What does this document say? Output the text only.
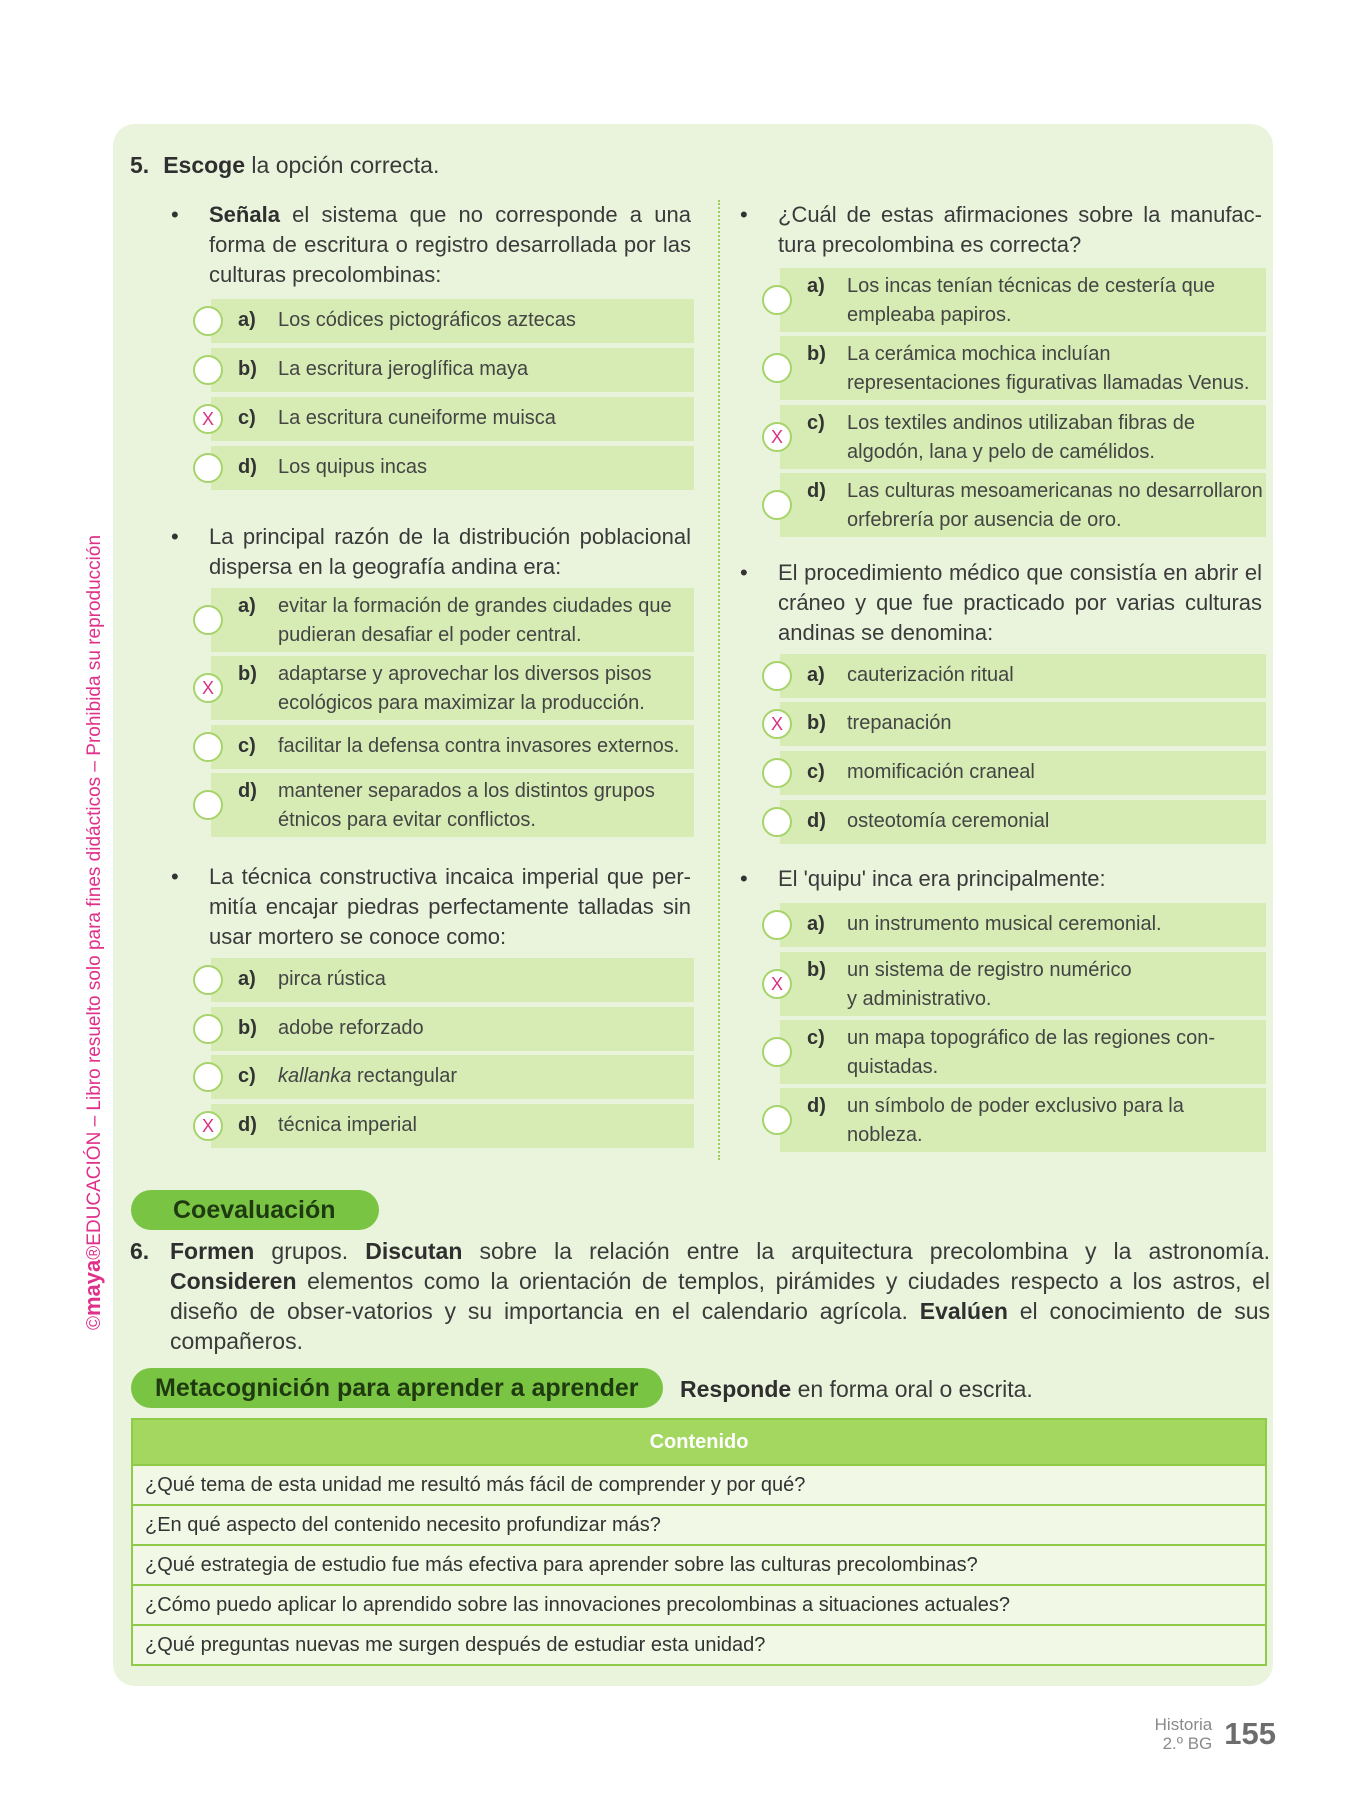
©maya®EDUCACIÓN – Libro resuelto solo para fines didácticos – Prohibida su reproducción
5. Escoge la opción correcta.
• Señala el sistema que no corresponde a una forma de escritura o registro desarrollada por las culturas precolombinas:
a) Los códices pictográficos aztecas
b) La escritura jeroglífica maya
X	c) La escritura cuneiforme muisca
d) Los quipus incas
• La principal razón de la distribución poblacional dispersa en la geografía andina era:
a) evitar la formación de grandes ciudades que pudieran desafiar el poder central.
X
b) adaptarse y aprovechar los diversos pisos ecológicos para maximizar la producción.
c) facilitar la defensa contra invasores externos.
d) mantener separados a los distintos grupos étnicos para evitar conflictos.
• La técnica constructiva incaica imperial que per-mitía encajar piedras perfectamente talladas sin usar mortero se conoce como:
a) pirca rústica
b) adobe reforzado
c) kallanka rectangular
X	d) técnica imperial
• ¿Cuál de estas afirmaciones sobre la manufac-tura precolombina es correcta?
a) Los incas tenían técnicas de cestería que empleaba papiros.
b) La cerámica mochica incluían representaciones figurativas llamadas Venus.
X
c) Los textiles andinos utilizaban fibras de algodón, lana y pelo de camélidos.
d) Las culturas mesoamericanas no desarrollaron orfebrería por ausencia de oro.
• El procedimiento médico que consistía en abrir el cráneo y que fue practicado por varias culturas andinas se denomina:
a) cauterización ritual
X	b) trepanación
c) momificación craneal
d) osteotomía ceremonial
• El 'quipu' inca era principalmente:
a) un instrumento musical ceremonial.
X
b) un sistema de registro numérico y administrativo.
c) un mapa topográfico de las regiones con-quistadas.
d) un símbolo de poder exclusivo para la nobleza.
Coevaluación
6. Formen grupos. Discutan sobre la relación entre la arquitectura precolombina y la astronomía. Consideren elementos como la orientación de templos, pirámides y ciudades respecto a los astros, el diseño de obser-vatorios y su importancia en el calendario agrícola. Evalúen el conocimiento de sus compañeros.
Metacognición para aprender a aprender Responde en forma oral o escrita.
Contenido
¿Qué tema de esta unidad me resultó más fácil de comprender y por qué?
¿En qué aspecto del contenido necesito profundizar más?
¿Qué estrategia de estudio fue más efectiva para aprender sobre las culturas precolombinas?
¿Cómo puedo aplicar lo aprendido sobre las innovaciones precolombinas a situaciones actuales?
¿Qué preguntas nuevas me surgen después de estudiar esta unidad?
Historia
2.º BG 155
